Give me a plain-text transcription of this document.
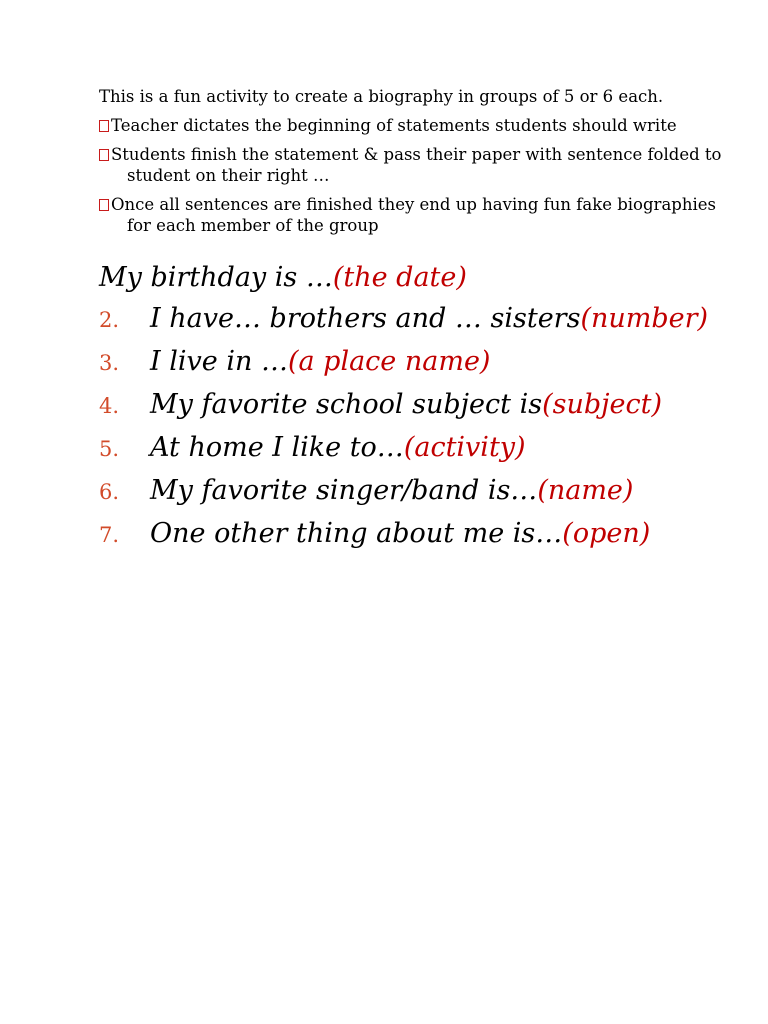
This is a fun activity to create a biography in groups of 5 or 6 each.

Teacher dictates the beginning of statements students should write

Students finish the statement & pass their paper with sentence folded to student on their right …

Once all sentences are finished they end up having fun fake biographies for each member of the group

My birthday is …(the date)

2. I have… brothers and … sisters(number)

3. I live in …(a place name)

4. My favorite school subject is(subject)

5. At home I like to…(activity)

6. My favorite singer/band is…(name)

7. One other thing about me is…(open)
